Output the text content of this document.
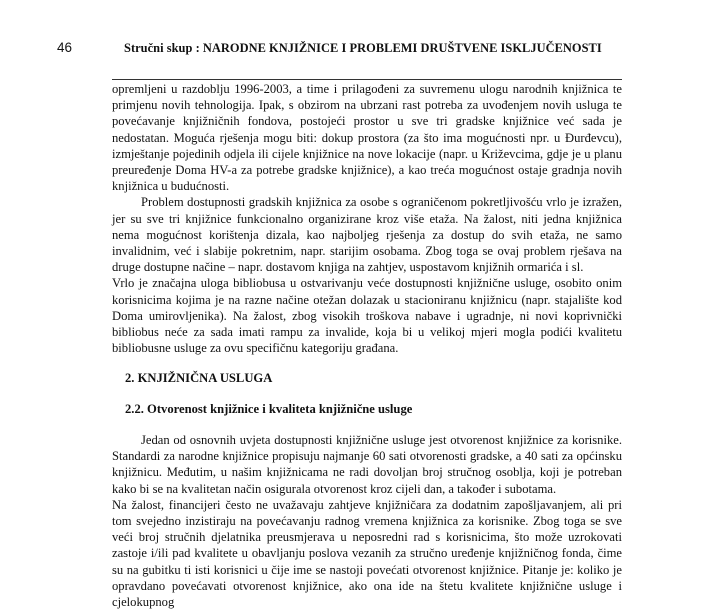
46	Stručni skup : NARODNE KNJIŽNICE I PROBLEMI DRUŠTVENE ISKLJUČENOSTI

opremljeni u razdoblju 1996-2003, a time i prilagođeni za suvremenu ulogu narodnih knjižnica te primjenu novih tehnologija. Ipak, s obzirom na ubrzani rast potreba za uvođenjem novih usluga te povećavanje knjižničnih fondova, postojeći prostor u sve tri gradske knjižnice već sada je nedostatan. Moguća rješenja mogu biti: dokup prostora (za što ima mogućnosti npr. u Đurđevcu), izmještanje pojedinih odjela ili cijele knjižnice na nove lokacije (napr. u Križevcima, gdje je u planu preuređenje Doma HV-a za potrebe gradske knjižnice), a kao treća mogućnost ostaje gradnja novih knjižnica u budućnosti.

Problem dostupnosti gradskih knjižnica za osobe s ograničenom pokretljivošću vrlo je izražen, jer su sve tri knjižnice funkcionalno organizirane kroz više etaža. Na žalost, niti jedna knjižnica nema mogućnost korištenja dizala, kao najbolјeg rješenja za dostup do svih etaža, ne samo invalidnim, već i slabije pokretnim, napr. starijim osobama. Zbog toga se ovaj problem rješava na druge dostupne načine – napr. dostavom knjiga na zahtjev, uspostavom knjižnih ormarića i sl.

Vrlo je značajna uloga bibliobusa u ostvarivanju veće dostupnosti knjižnične usluge, osobito onim korisnicima kojima je na razne načine otežan dolazak u stacioniranu knjižnicu (napr. stajalište kod Doma umirovljenika). Na žalost, zbog visokih troškova nabave i ugradnje, ni novi koprivnički bibliobus neće za sada imati rampu za invalide, koja bi u velikoj mjeri mogla podići kvalitetu bibliobusne usluge za ovu specifičnu kategoriju građana.

2. KNJIŽNIČNA USLUGA
2.2. Otvorenost knjižnice i kvaliteta knjižnične usluge

Jedan od osnovnih uvjeta dostupnosti knjižnične usluge jest otvorenost knjižnice za korisnike. Standardi za narodne knjižnice propisuju najmanje 60 sati otvorenosti gradske, a 40 sati za općinsku knjižnicu. Međutim, u našim knjižnicama ne radi dovoljan broj stručnog osoblja, koji je potreban kako bi se na kvalitetan način osigurala otvorenost kroz cijeli dan, a također i subotama.

Na žalost, financijeri često ne uvažavaju zahtjeve knjižničara za dodatnim zapošljavanjem, ali pri tom svejedno inzistiraju na povećavanju radnog vremena knjižnica za korisnike. Zbog toga se sve veći broj stručnih djelatnika preusmjerava u neposredni rad s korisnicima, što može uzrokovati zastoje i/ili pad kvalitete u obavljanju poslova vezanih za stručno uređenje knjižničnog fonda, čime su na gubitku ti isti korisnici u čije ime se nastoji povećati otvorenost knjižnice. Pitanje je: koliko je opravdano povećavati otvorenost knjižnice, ako ona ide na štetu kvalitete knjižnične usluge i cjelokupnog
